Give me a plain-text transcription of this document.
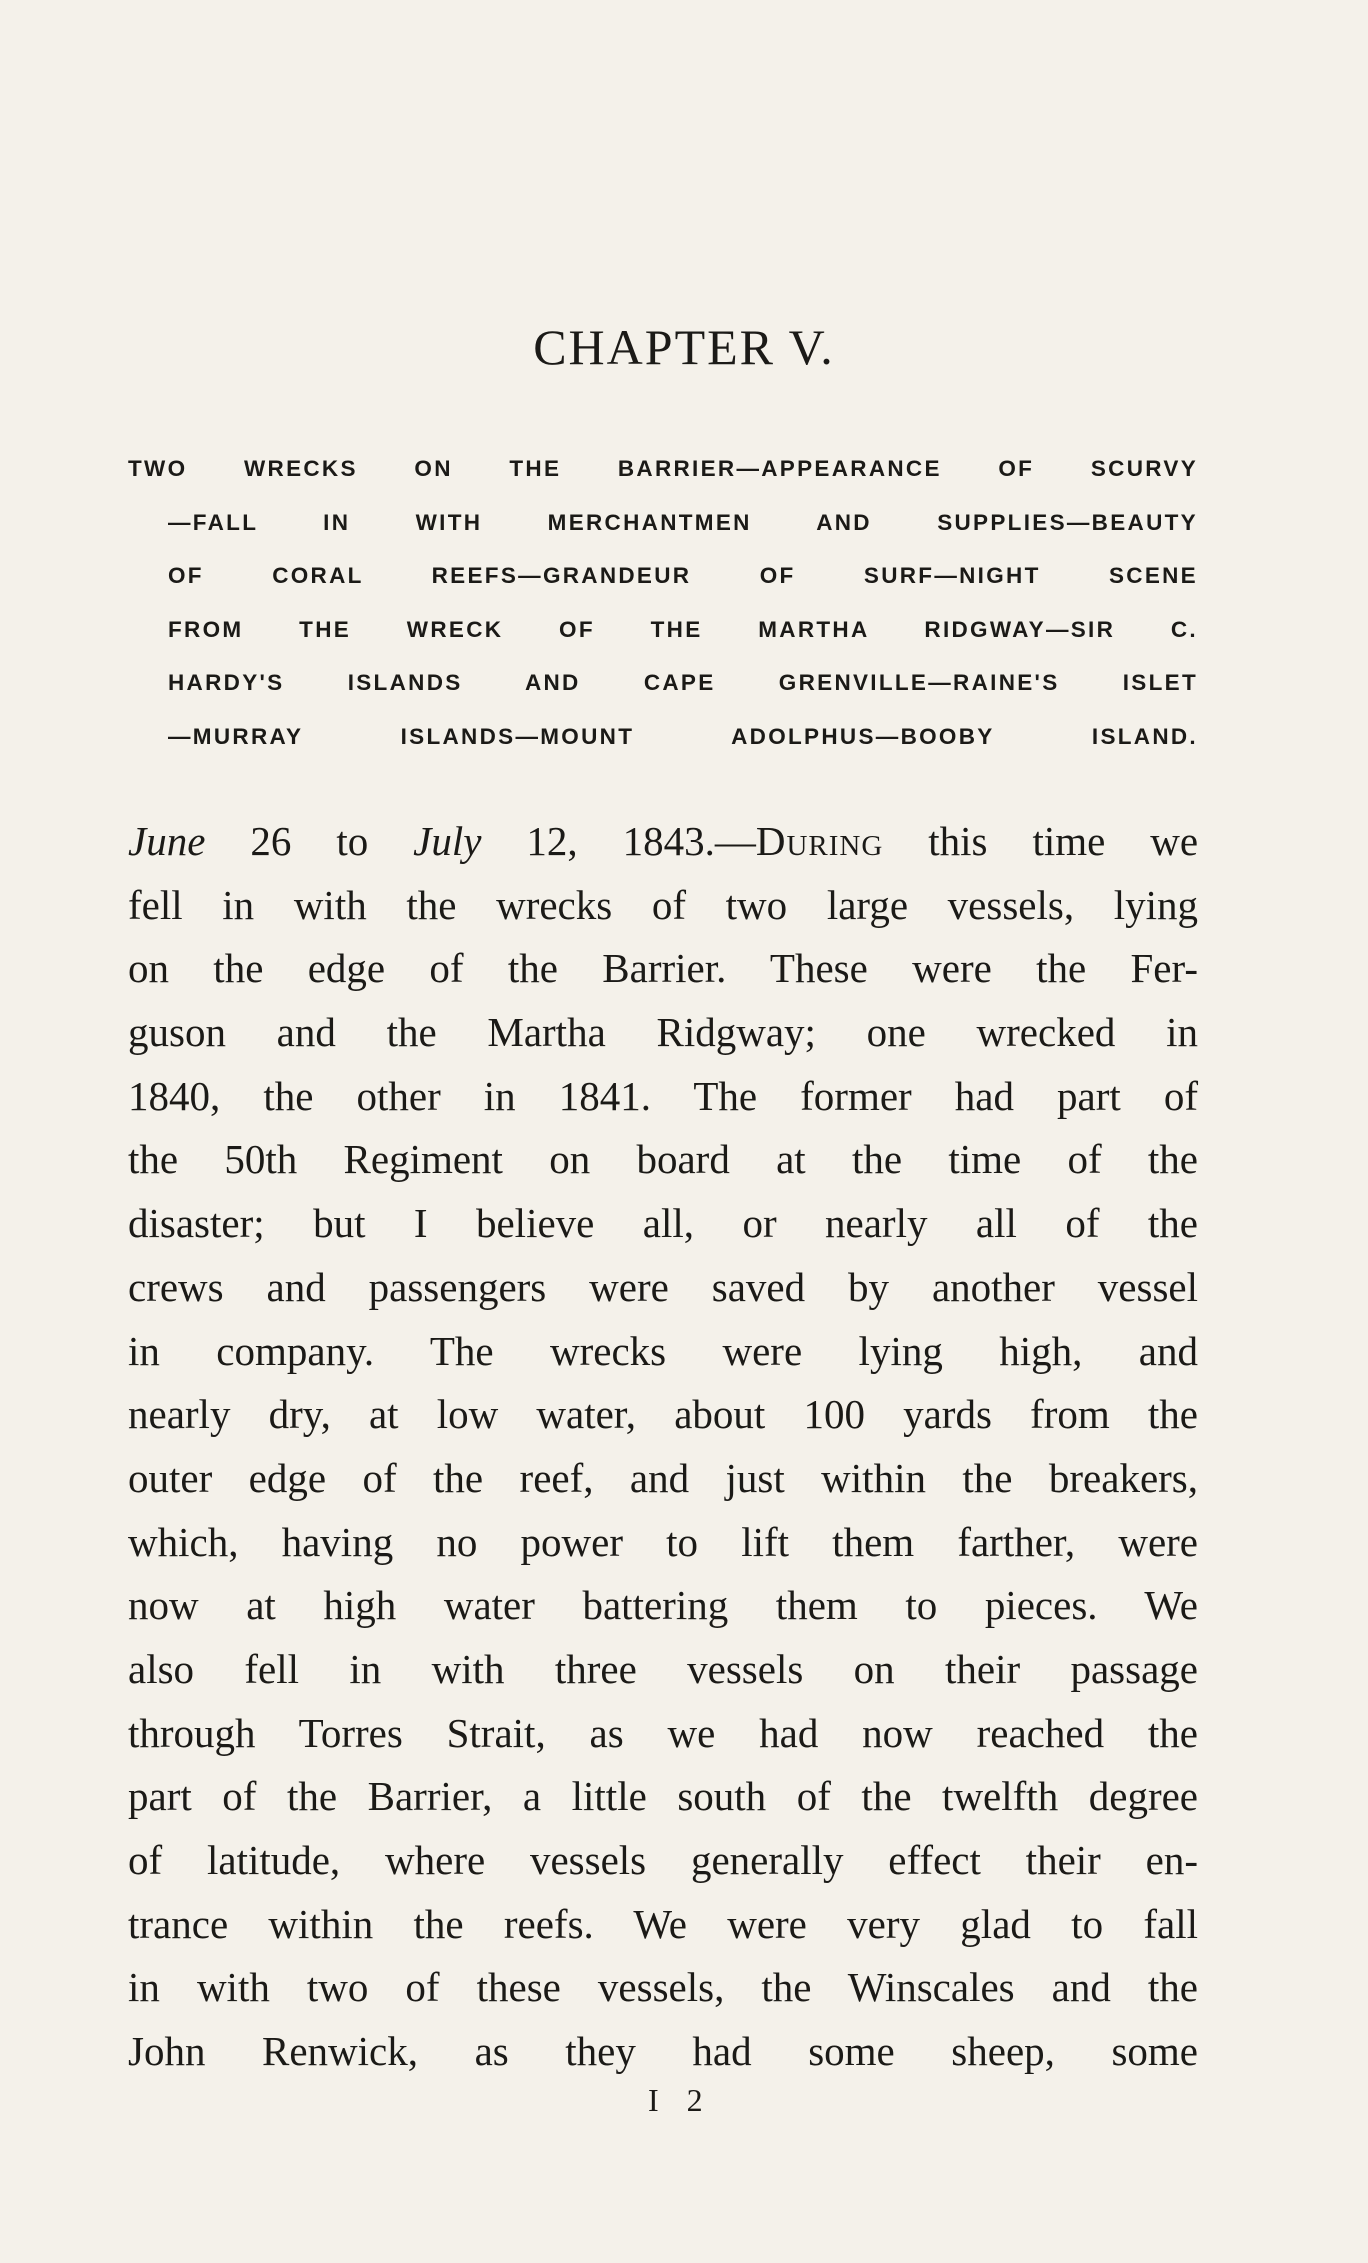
CHAPTER V.
TWO WRECKS ON THE BARRIER—APPEARANCE OF SCURVY
—FALL IN WITH MERCHANTMEN AND SUPPLIES—BEAUTY
OF CORAL REEFS—GRANDEUR OF SURF—NIGHT SCENE
FROM THE WRECK OF THE MARTHA RIDGWAY—SIR C.
HARDY'S ISLANDS AND CAPE GRENVILLE—RAINE'S ISLET
—MURRAY ISLANDS—MOUNT ADOLPHUS—BOOBY ISLAND.
June 26 to July 12, 1843.—During this time we
fell in with the wrecks of two large vessels, lying
on the edge of the Barrier. These were the Fer-
guson and the Martha Ridgway; one wrecked in
1840, the other in 1841. The former had part of
the 50th Regiment on board at the time of the
disaster; but I believe all, or nearly all of the
crews and passengers were saved by another vessel
in company. The wrecks were lying high, and
nearly dry, at low water, about 100 yards from the
outer edge of the reef, and just within the breakers,
which, having no power to lift them farther, were
now at high water battering them to pieces. We
also fell in with three vessels on their passage
through Torres Strait, as we had now reached the
part of the Barrier, a little south of the twelfth degree
of latitude, where vessels generally effect their en-
trance within the reefs. We were very glad to fall
in with two of these vessels, the Winscales and the
John Renwick, as they had some sheep, some
I 2
